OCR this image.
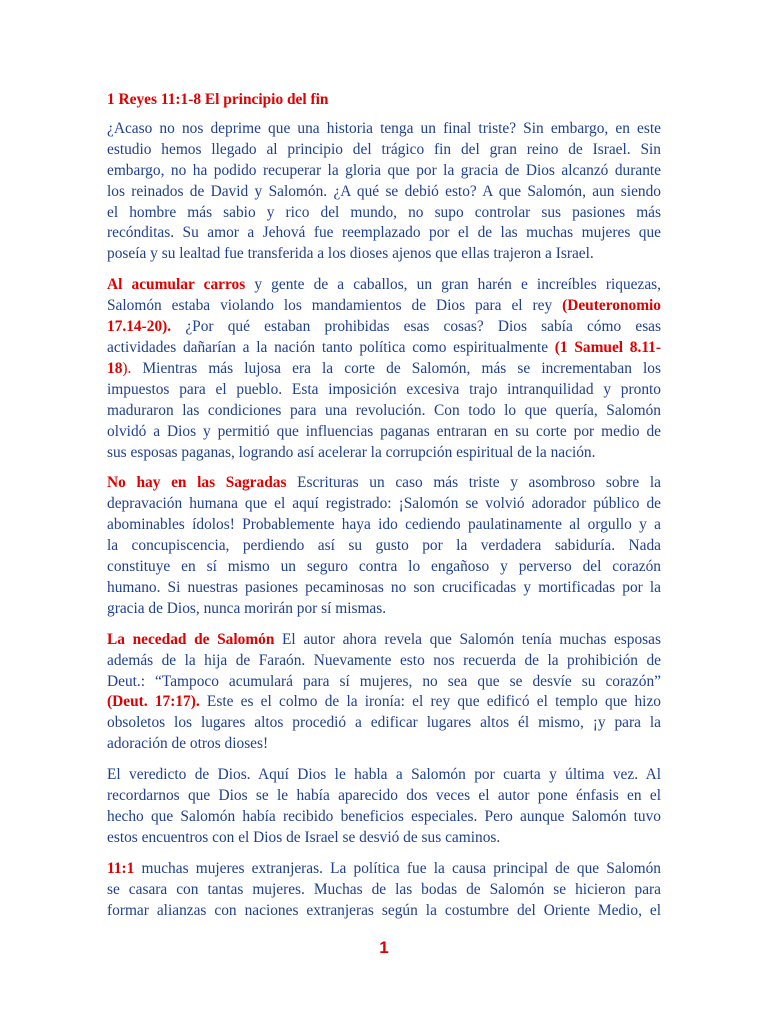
1 Reyes 11:1-8 El principio del fin
¿Acaso no nos deprime que una historia tenga un final triste? Sin embargo, en este
estudio hemos llegado al principio del trágico fin del gran reino de Israel. Sin
embargo, no ha podido recuperar la gloria que por la gracia de Dios alcanzó durante
los reinados de David y Salomón. ¿A qué se debió esto? A que Salomón, aun siendo
el hombre más sabio y rico del mundo, no supo controlar sus pasiones más
recónditas. Su amor a Jehová fue reemplazado por el de las muchas mujeres que
poseía y su lealtad fue transferida a los dioses ajenos que ellas trajeron a Israel.
Al acumular carros y gente de a caballos, un gran harén e increíbles riquezas,
Salomón estaba violando los mandamientos de Dios para el rey (Deuteronomio
17.14-20). ¿Por qué estaban prohibidas esas cosas? Dios sabía cómo esas
actividades dañarían a la nación tanto política como espiritualmente (1 Samuel 8.11-
18). Mientras más lujosa era la corte de Salomón, más se incrementaban los
impuestos para el pueblo. Esta imposición excesiva trajo intranquilidad y pronto
maduraron las condiciones para una revolución. Con todo lo que quería, Salomón
olvidó a Dios y permitió que influencias paganas entraran en su corte por medio de
sus esposas paganas, logrando así acelerar la corrupción espiritual de la nación.
No hay en las Sagradas Escrituras un caso más triste y asombroso sobre la
depravación humana que el aquí registrado: ¡Salomón se volvió adorador público de
abominables ídolos! Probablemente haya ido cediendo paulatinamente al orgullo y a
la concupiscencia, perdiendo así su gusto por la verdadera sabiduría. Nada
constituye en sí mismo un seguro contra lo engañoso y perverso del corazón
humano. Si nuestras pasiones pecaminosas no son crucificadas y mortificadas por la
gracia de Dios, nunca morirán por sí mismas.
La necedad de Salomón El autor ahora revela que Salomón tenía muchas esposas
además de la hija de Faraón. Nuevamente esto nos recuerda de la prohibición de
Deut.: “Tampoco acumulará para sí mujeres, no sea que se desvíe su corazón”
(Deut. 17:17). Este es el colmo de la ironía: el rey que edificó el templo que hizo
obsoletos los lugares altos procedió a edificar lugares altos él mismo, ¡y para la
adoración de otros dioses!
El veredicto de Dios. Aquí Dios le habla a Salomón por cuarta y última vez. Al
recordarnos que Dios se le había aparecido dos veces el autor pone énfasis en el
hecho que Salomón había recibido beneficios especiales. Pero aunque Salomón tuvo
estos encuentros con el Dios de Israel se desvió de sus caminos.
11:1 muchas mujeres extranjeras. La política fue la causa principal de que Salomón
se casara con tantas mujeres. Muchas de las bodas de Salomón se hicieron para
formar alianzas con naciones extranjeras según la costumbre del Oriente Medio, el
1
